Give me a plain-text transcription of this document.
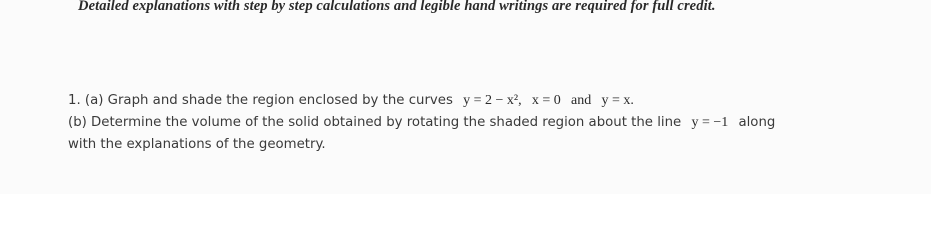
Detailed explanations with step by step calculations and legible hand writings are required for full credit.
1. (a) Graph and shade the region enclosed by the curves y = 2 − x², x = 0 and y = x.
(b) Determine the volume of the solid obtained by rotating the shaded region about the line y = −1 along
with the explanations of the geometry.
